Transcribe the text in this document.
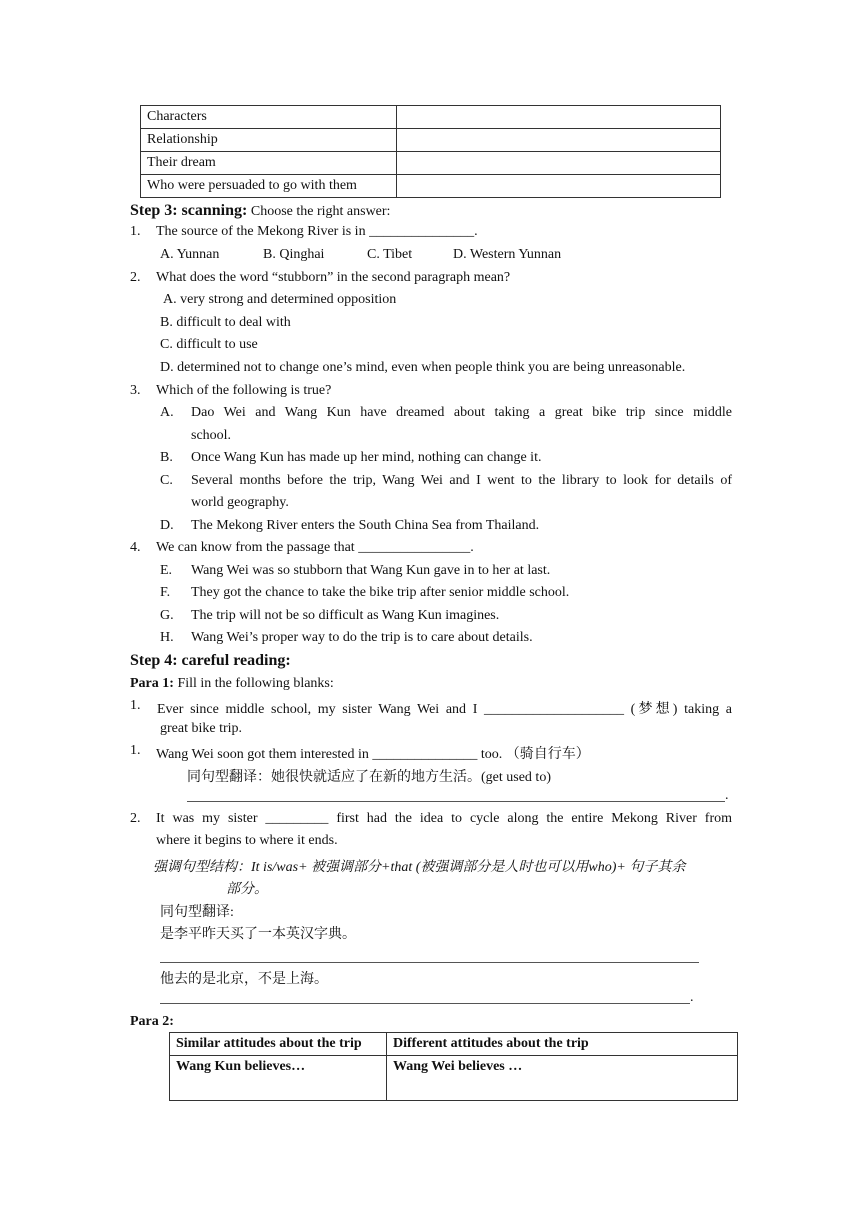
Characters	
Relationship	
Their dream	
Who were persuaded to go with them	
Step 3: scanning: Choose the right answer:
1. The source of the Mekong River is in _______________.
A. Yunnan	B. Qinghai	C. Tibet	D. Western Yunnan
2. What does the word “stubborn” in the second paragraph mean?
A. very strong and determined opposition
B. difficult to deal with
C. difficult to use
D. determined not to change one’s mind, even when people think you are being unreasonable.
3. Which of the following is true?
A. Dao Wei and Wang Kun have dreamed about taking a great bike trip since middle
school.
B. Once Wang Kun has made up her mind, nothing can change it.
C. Several months before the trip, Wang Wei and I went to the library to look for details of
world geography.
D. The Mekong River enters the South China Sea from Thailand.
4. We can know from the passage that ________________.
E. Wang Wei was so stubborn that Wang Kun gave in to her at last.
F. They got the chance to take the bike trip after senior middle school.
G. The trip will not be so difficult as Wang Kun imagines.
H. Wang Wei’s proper way to do the trip is to care about details.
Step 4: careful reading:
Para 1: Fill in the following blanks:
1. Ever since middle school, my sister Wang Wei and I ____________________ (梦想) taking a
great bike trip.
1. Wang Wei soon got them interested in _______________ too. （骑自行车）
同句型翻译：她很快就适应了在新的地方生活。(get used to)
.
2. It was my sister _________ first had the idea to cycle along the entire Mekong River from
where it begins to where it ends.
强调句型结构：It is/was+ 被强调部分+that (被强调部分是人时也可以用who)+ 句子其余
部分。
同句型翻译:
是李平昨天买了一本英汉字典。
他去的是北京，不是上海。
.
Para 2:
Similar attitudes about the trip	Different attitudes about the trip
Wang Kun believes…	Wang Wei believes …
